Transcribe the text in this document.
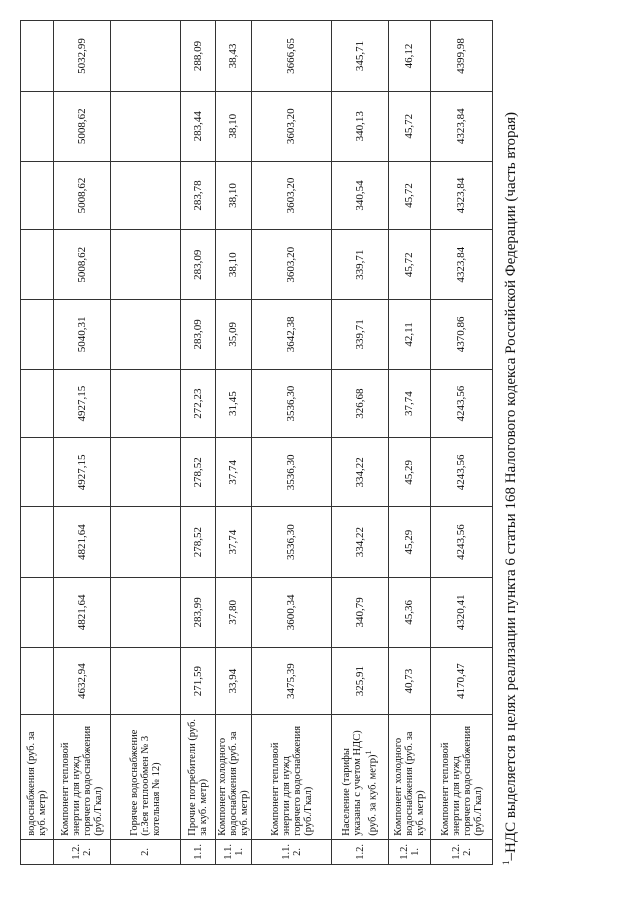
	водоснабжения (руб. за куб. метр)										
1.2.2.	Компонент тепловой энергии для нужд горячего водоснабжения (руб./Гкал)	4632,94	4821,64	4821,64	4927,15	4927,15	5040,31	5008,62	5008,62	5008,62	5032,99
2.	Горячее водоснабжение (г.Зея теплообмен № 3 котельная № 12)										
1.1.	Прочие потребители (руб. за куб. метр)	271,59	283,99	278,52	278,52	272,23	283,09	283,09	283,78	283,44	288,09
1.1.1.	Компонент холодного водоснабжения (руб. за куб. метр)	33,94	37,80	37,74	37,74	31,45	35,09	38,10	38,10	38,10	38,43
1.1.2.	Компонент тепловой энергии для нужд горячего водоснабжения (руб./Гкал)	3475,39	3600,34	3536,30	3536,30	3536,30	3642,38	3603,20	3603,20	3603,20	3666,65
1.2.	Население (тарифы указаны с учетом НДС) (руб. за куб. метр)$^1$	325,91	340,79	334,22	334,22	326,68	339,71	339,71	340,54	340,13	345,71
1.2.1.	Компонент холодного водоснабжения (руб. за куб. метр)	40,73	45,36	45,29	45,29	37,74	42,11	45,72	45,72	45,72	46,12
1.2.2.	Компонент тепловой энергии для нужд горячего водоснабжения (руб./Гкал)	4170,47	4320,41	4243,56	4243,56	4243,56	4370,86	4323,84	4323,84	4323,84	4399,98
$^1$–НДС выделяется в целях реализации пункта 6 статьи 168 Налогового кодекса Российской Федерации (часть вторая)
